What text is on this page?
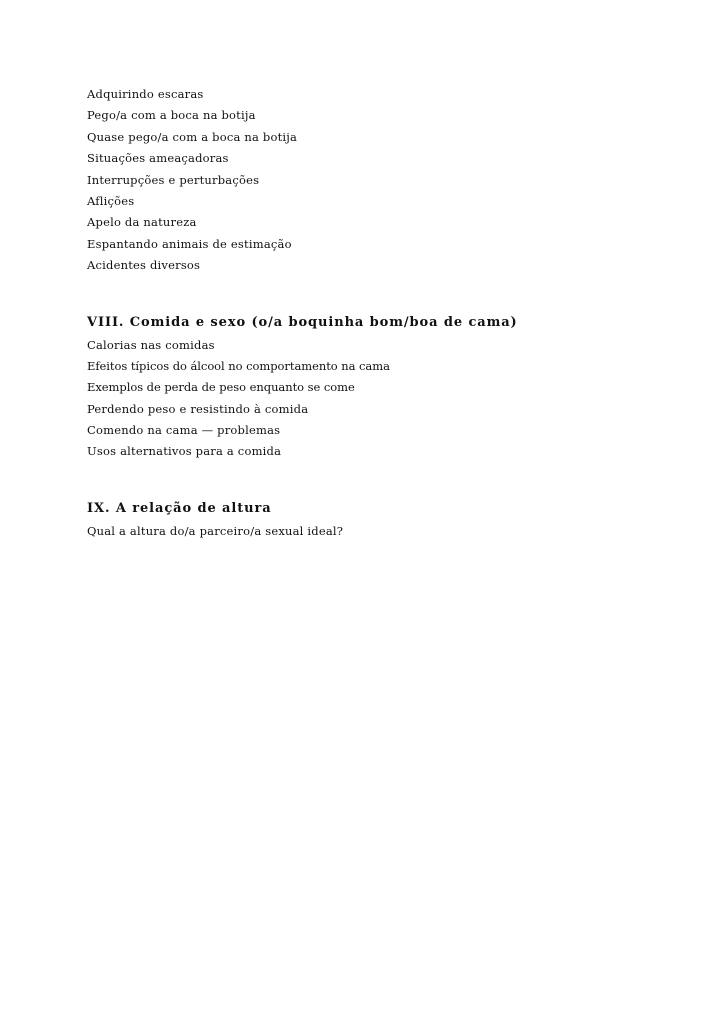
Adquirindo escaras
Pego/a com a boca na botija
Quase pego/a com a boca na botija
Situações ameaçadoras
Interrupções e perturbações
Aflições
Apelo da natureza
Espantando animais de estimação
Acidentes diversos
VIII. Comida e sexo (o/a boquinha bom/boa de cama)
Calorias nas comidas
Efeitos típicos do álcool no comportamento na cama
Exemplos de perda de peso enquanto se come
Perdendo peso e resistindo à comida
Comendo na cama — problemas
Usos alternativos para a comida
IX. A relação de altura
Qual a altura do/a parceiro/a sexual ideal?
